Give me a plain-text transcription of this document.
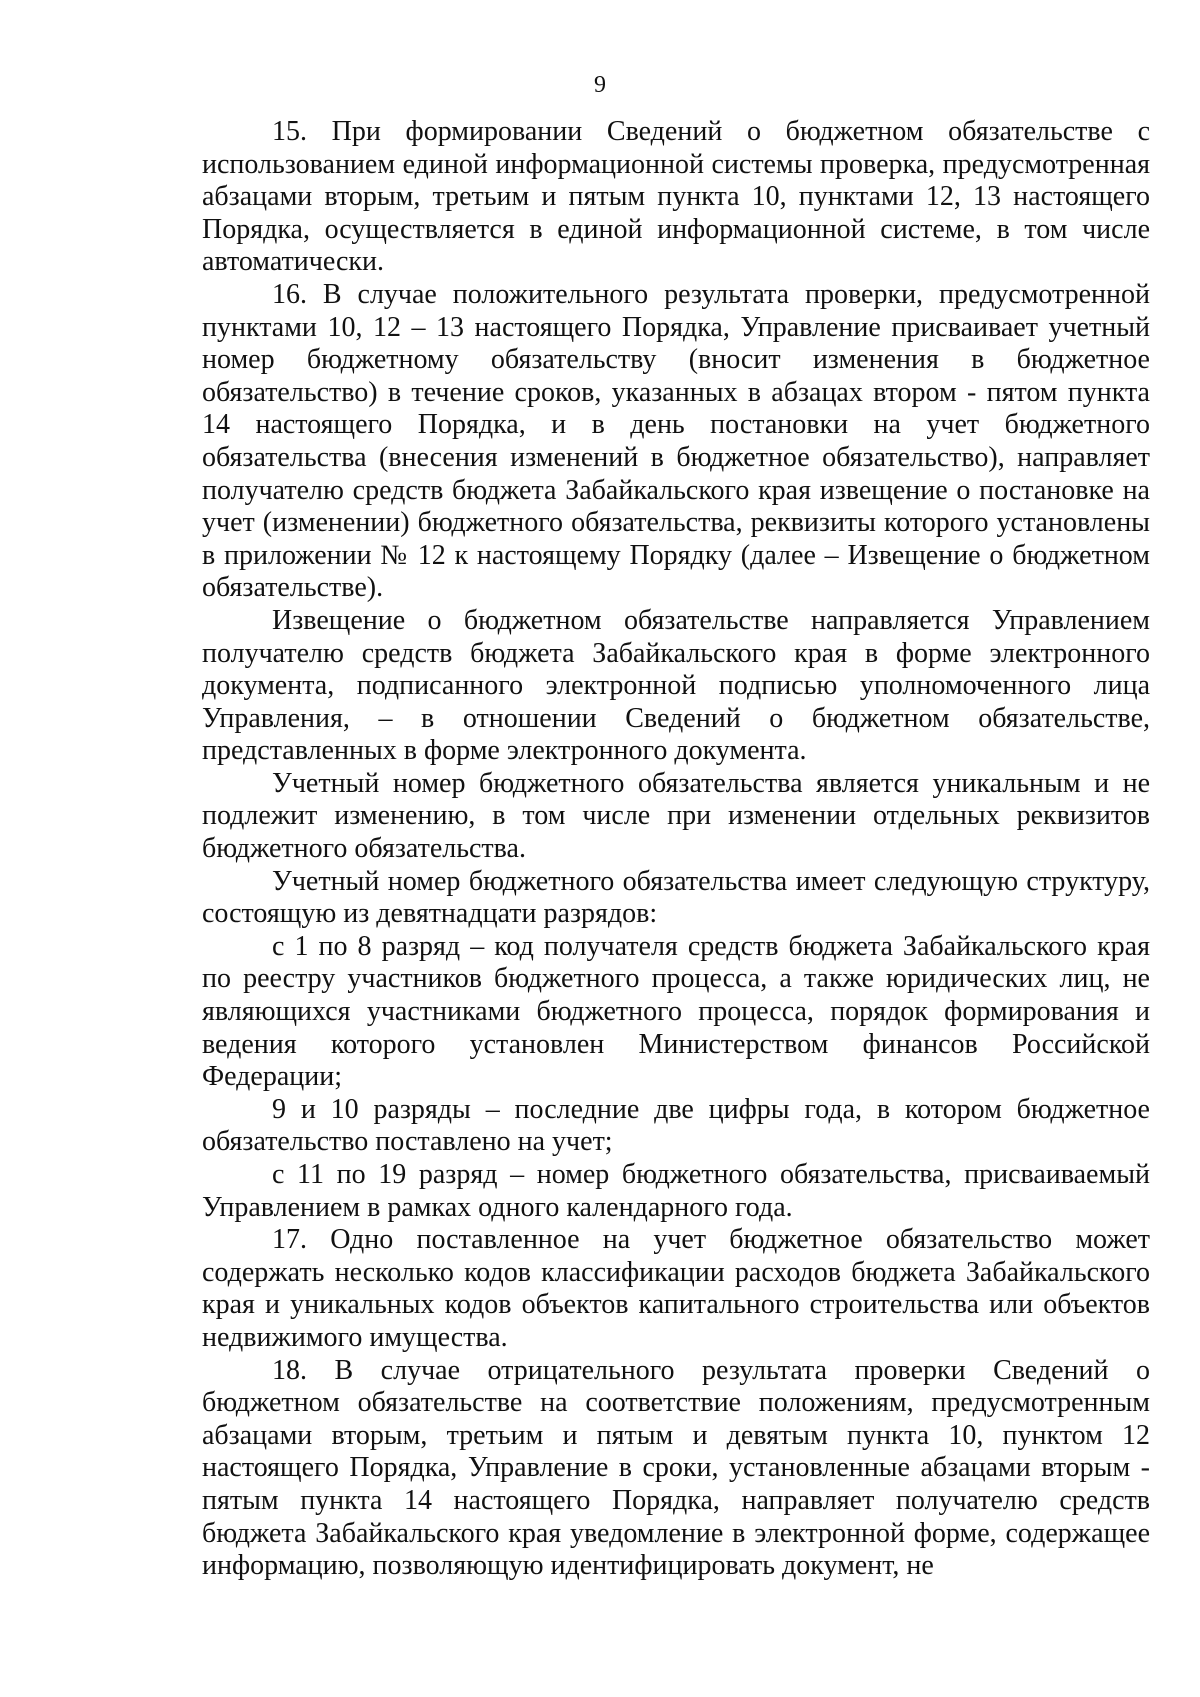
9

15. При формировании Сведений о бюджетном обязательстве с использованием единой информационной системы проверка, предусмотренная абзацами вторым, третьим и пятым пункта 10, пунктами 12, 13 настоящего Порядка, осуществляется в единой информационной системе, в том числе автоматически.

16. В случае положительного результата проверки, предусмотренной пунктами 10, 12 – 13 настоящего Порядка, Управление присваивает учетный номер бюджетному обязательству (вносит изменения в бюджетное обязательство) в течение сроков, указанных в абзацах втором - пятом пункта 14 настоящего Порядка, и в день постановки на учет бюджетного обязательства (внесения изменений в бюджетное обязательство), направляет получателю средств бюджета Забайкальского края извещение о постановке на учет (изменении) бюджетного обязательства, реквизиты которого установлены в приложении № 12 к настоящему Порядку (далее – Извещение о бюджетном обязательстве).

Извещение о бюджетном обязательстве направляется Управлением получателю средств бюджета Забайкальского края в форме электронного документа, подписанного электронной подписью уполномоченного лица Управления, – в отношении Сведений о бюджетном обязательстве, представленных в форме электронного документа.

Учетный номер бюджетного обязательства является уникальным и не подлежит изменению, в том числе при изменении отдельных реквизитов бюджетного обязательства.

Учетный номер бюджетного обязательства имеет следующую структуру, состоящую из девятнадцати разрядов:

с 1 по 8 разряд – код получателя средств бюджета Забайкальского края по реестру участников бюджетного процесса, а также юридических лиц, не являющихся участниками бюджетного процесса, порядок формирования и ведения которого установлен Министерством финансов Российской Федерации;

9 и 10 разряды – последние две цифры года, в котором бюджетное обязательство поставлено на учет;

с 11 по 19 разряд – номер бюджетного обязательства, присваиваемый Управлением в рамках одного календарного года.

17. Одно поставленное на учет бюджетное обязательство может содержать несколько кодов классификации расходов бюджета Забайкальского края и уникальных кодов объектов капитального строительства или объектов недвижимого имущества.

18. В случае отрицательного результата проверки Сведений о бюджетном обязательстве на соответствие положениям, предусмотренным абзацами вторым, третьим и пятым и девятым пункта 10, пунктом 12 настоящего Порядка, Управление в сроки, установленные абзацами вторым - пятым пункта 14 настоящего Порядка, направляет получателю средств бюджета Забайкальского края уведомление в электронной форме, содержащее информацию, позволяющую идентифицировать документ, не
